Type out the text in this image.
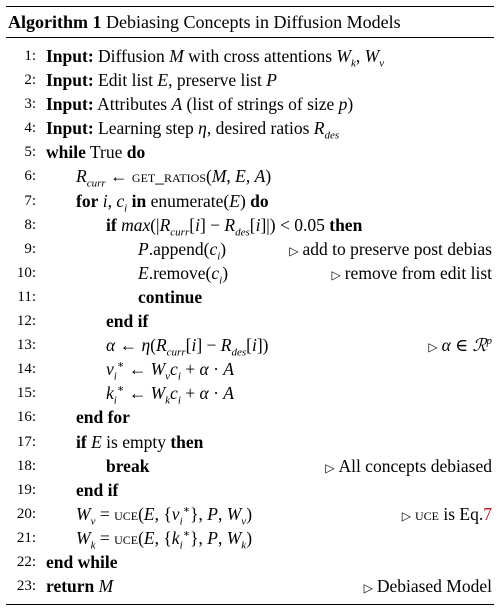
Algorithm 1 Debiasing Concepts in Diffusion Models
1: Input: Diffusion M with cross attentions $W_k$, $W_v$
2: Input: Edit list E, preserve list P
3: Input: Attributes A (list of strings of size p)
4: Input: Learning step η, desired ratios $R_{des}$
5: while True do
6: $R_{curr}$ ← get_ratios(M, E, A)
7: for i, $c_i$ in enumerate(E) do
8:	if $\max(|R_{curr}[i] - R_{des}[i]|) < 0.05$ then
9:	$P.append(c_i)$	▷ add to preserve post debias
10:	$E.remove(c_i)$	▷ remove from edit list
11:	continue
12:	end if
13:	α ← $\eta(R_{curr}[i] - R_{des}[i])$	▷ α ∈ ℛ$^p$
14:	$v_i^∗$ ← $W_vc_i + \alpha \cdot A$
15:	$k_i^∗$ ← $W_kc_i + \alpha \cdot A$
16: end for
17: if E is empty then
18:	break	▷ All concepts debiased
19: end if
20: $W_v = uce(E$, $\{v_i^∗\}$, P, $W_v$)	▷ uce is Eq.7
21: $W_k = uce(E$, $\{k_i^∗\}$, P, $W_k$)
22: end while
23: return M	▷ Debiased Model
